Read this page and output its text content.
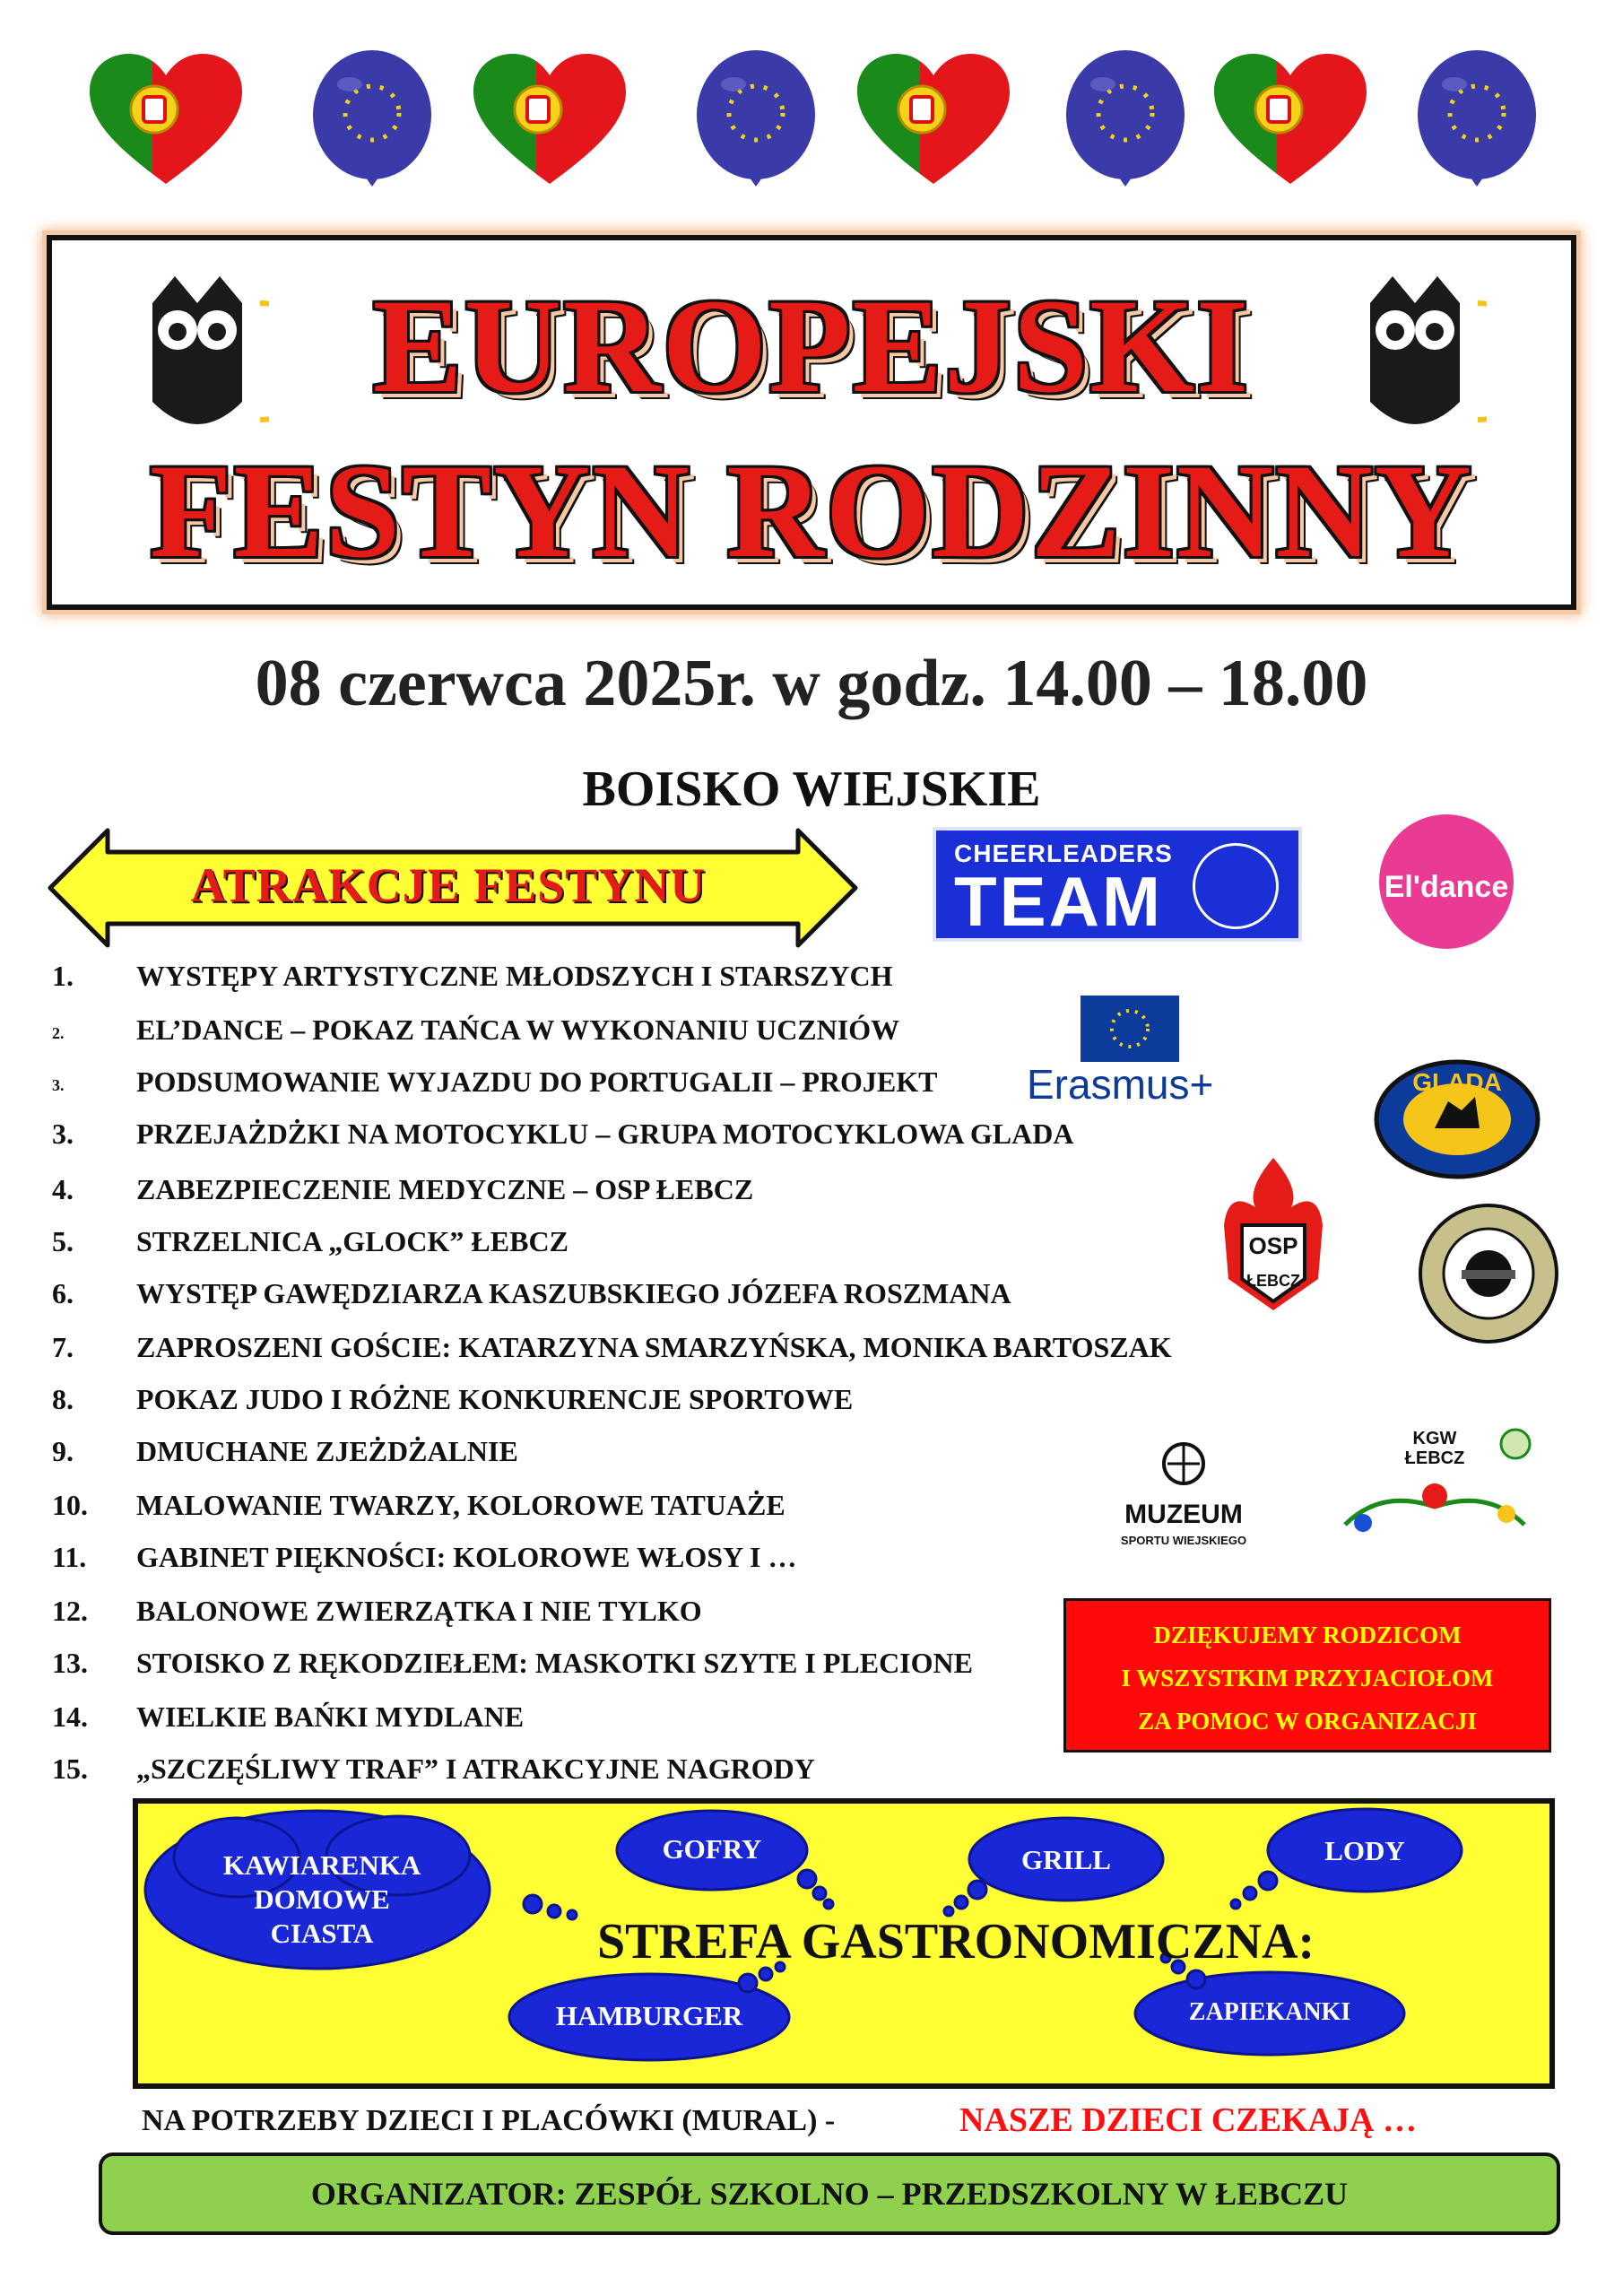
EUROPEJSKI
FESTYN RODZINNY
08 czerwca 2025r. w godz. 14.00 – 18.00
BOISKO WIEJSKIE
ATRAKCJE FESTYNU
CHEERLEADERS
TEAM	El'dance
1.	WYSTĘPY ARTYSTYCZNE MŁODSZYCH I STARSZYCH
2.	EL’DANCE – POKAZ TAŃCA W WYKONANIU UCZNIÓW
3.	PODSUMOWANIE WYJAZDU DO PORTUGALII – PROJEKT
3.	PRZEJAŻDŻKI NA MOTOCYKLU – GRUPA MOTOCYKLOWA GLADA
4.	ZABEZPIECZENIE MEDYCZNE – OSP ŁEBCZ
5.	STRZELNICA „GLOCK” ŁEBCZ
6.	WYSTĘP GAWĘDZIARZA KASZUBSKIEGO JÓZEFA ROSZMANA
7.	ZAPROSZENI GOŚCIE: KATARZYNA SMARZYŃSKA, MONIKA BARTOSZAK
8.	POKAZ JUDO I RÓŻNE KONKURENCJE SPORTOWE
9.	DMUCHANE ZJEŻDŻALNIE
10.	MALOWANIE TWARZY, KOLOROWE TATUAŻE
11.	GABINET PIĘKNOŚCI: KOLOROWE WŁOSY I …
12.	BALONOWE ZWIERZĄTKA I NIE TYLKO
13.	STOISKO Z RĘKODZIEŁEM: MASKOTKI SZYTE I PLECIONE
14.	WIELKIE BAŃKI MYDLANE
15.	„SZCZĘŚLIWY TRAF” I ATRAKCYJNE NAGRODY
Erasmus+	GLADA
OSP
ŁEBCZ
MUZEUM
SPORTU WIEJSKIEGO
KGW
ŁEBCZ
DZIĘKUJEMY RODZICOM
I WSZYSTKIM PRZYJACIOŁOM
ZA POMOC W ORGANIZACJI
KAWIARENKA
DOMOWE
CIASTA
GOFRY	GRILL	LODY
HAMBURGER	ZAPIEKANKI
STREFA GASTRONOMICZNA:
NA POTRZEBY DZIECI I PLACÓWKI (MURAL) -	NASZE DZIECI CZEKAJĄ …
ORGANIZATOR: ZESPÓŁ SZKOLNO – PRZEDSZKOLNY W ŁEBCZU
